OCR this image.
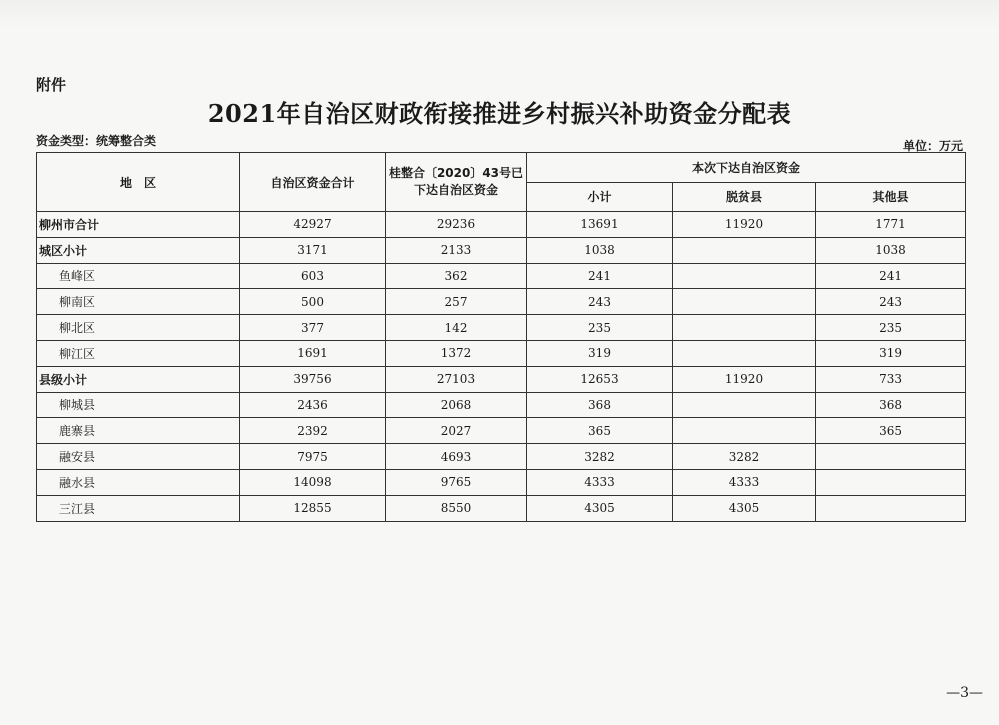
附件
2021年自治区财政衔接推进乡村振兴补助资金分配表
资金类型：统筹整合类	单位：万元
地　区	自治区资金合计	桂整合〔2020〕43号已下达自治区资金	本次下达自治区资金		
			小计	脱贫县	其他县
柳州市合计	42927	29236	13691	11920	1771
城区小计	3171	2133	1038		1038
鱼峰区	603	362	241		241
柳南区	500	257	243		243
柳北区	377	142	235		235
柳江区	1691	1372	319		319
县级小计	39756	27103	12653	11920	733
柳城县	2436	2068	368		368
鹿寨县	2392	2027	365		365
融安县	7975	4693	3282	3282	
融水县	14098	9765	4333	4333	
三江县	12855	8550	4305	4305	
—3—
